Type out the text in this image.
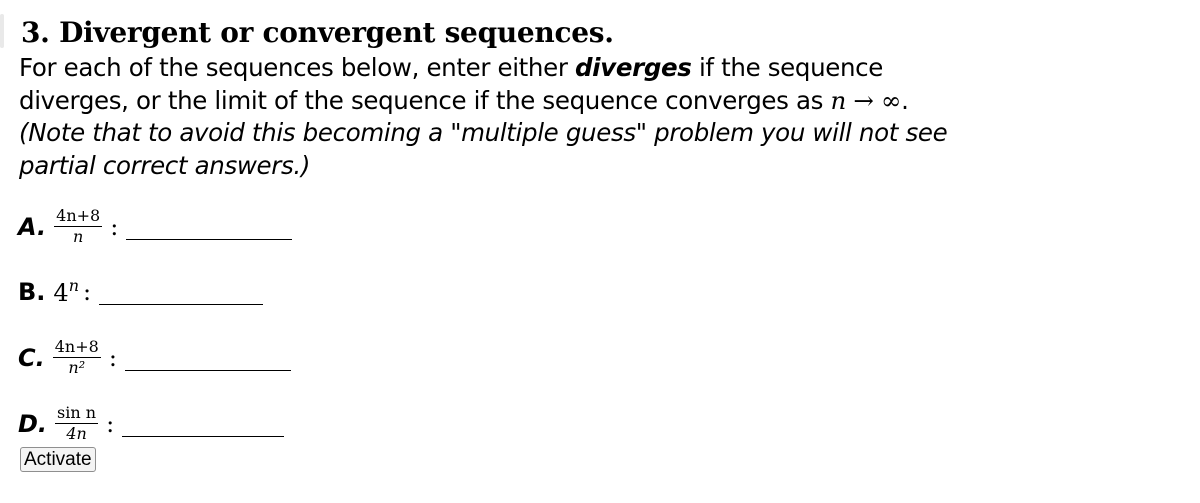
3. Divergent or convergent sequences.
For each of the sequences below, enter either diverges if the sequence
diverges, or the limit of the sequence if the sequence converges as n → ∞.
(Note that to avoid this becoming a "multiple guess" problem you will not see
partial correct answers.)
A. $\frac{4n+8}{n}$ :
B. 4$^n$ :
C. $\frac{4n+8}{\text{n²}}$ :
D. $\frac{\text{sin n}}{4n}$ :
Activate
